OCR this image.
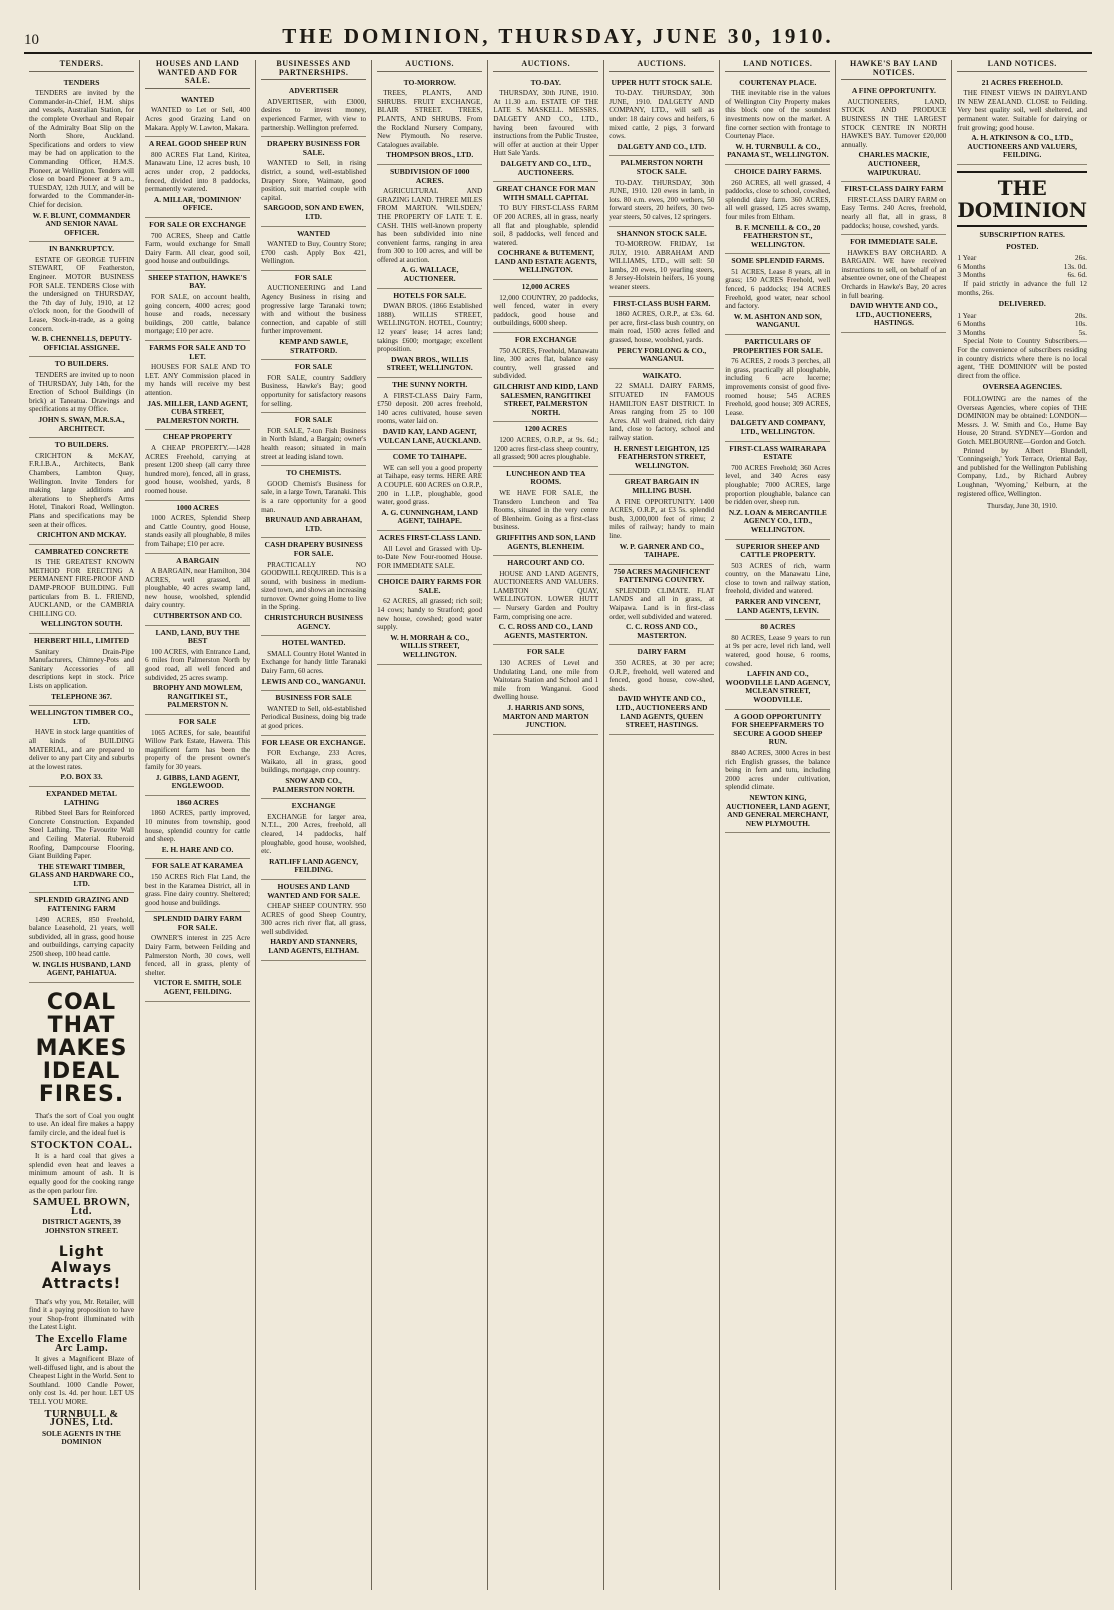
10	THE DOMINION, THURSDAY, JUNE 30, 1910.
TENDERS.
TENDERS
TENDERS are invited by the Commander-in-Chief, H.M. ships and vessels, Australian Station, for the complete Overhaul and Repair of the Admiralty Boat Slip on the North Shore, Auckland. Specifications and orders to view may be had on application to the Commanding Officer, H.M.S. Pioneer, at Wellington. Tenders will close on board Pioneer at 9 a.m., TUESDAY, 12th JULY, and will be forwarded to the Commander-in-Chief for decision.
W. F. BLUNT, COMMANDER AND SENIOR NAVAL OFFICER.
IN BANKRUPTCY.
ESTATE OF GEORGE TUFFIN STEWART, OF Featherston, Engineer. MOTOR BUSINESS FOR SALE. TENDERS Close with the undersigned on THURSDAY, the 7th day of July, 1910, at 12 o'clock noon, for the Goodwill of Lease, Stock-in-trade, as a going concern.
W. B. CHENNELLS, DEPUTY-OFFICIAL ASSIGNEE.
TO BUILDERS.
TENDERS are invited up to noon of THURSDAY, July 14th, for the Erection of School Buildings (in brick) at Taneatua. Drawings and specifications at my Office.
JOHN S. SWAN, M.R.S.A., ARCHITECT.
TO BUILDERS.
CRICHTON & McKAY, F.R.I.B.A., Architects, Bank Chambers, Lambton Quay, Wellington. Invite Tenders for making large additions and alterations to Shepherd's Arms Hotel, Tinakori Road, Wellington. Plans and specifications may be seen at their offices.
CRICHTON AND MCKAY.
CAMBRATED CONCRETE
IS THE GREATEST KNOWN METHOD FOR ERECTING A PERMANENT FIRE-PROOF AND DAMP-PROOF BUILDING. Full particulars from B. L. FRIEND, AUCKLAND, or the CAMBRIA CHILLING CO.
WELLINGTON SOUTH.
HERBERT HILL, LIMITED
Sanitary Drain-Pipe Manufacturers, Chimney-Pots and Sanitary Accessories of all descriptions kept in stock. Price Lists on application.
TELEPHONE 367.
WELLINGTON TIMBER CO., LTD.
HAVE in stock large quantities of all kinds of BUILDING MATERIAL, and are prepared to deliver to any part City and suburbs at the lowest rates.
P.O. BOX 33.
EXPANDED METAL LATHING
Ribbed Steel Bars for Reinforced Concrete Construction. Expanded Steel Lathing. The Favourite Wall and Ceiling Material. Ruberoid Roofing, Dampcourse Flooring, Giant Building Paper.
THE STEWART TIMBER, GLASS AND HARDWARE CO., LTD.
SPLENDID GRAZING AND FATTENING FARM
1490 ACRES, 850 Freehold, balance Leasehold, 21 years, well subdivided, all in grass, good house and outbuildings, carrying capacity 2500 sheep, 100 head cattle.
W. INGLIS HUSBAND, LAND AGENT, PAHIATUA.
COAL THAT MAKES IDEAL FIRES.
That's the sort of Coal you ought to use. An ideal fire makes a happy family circle, and the ideal fuel is
STOCKTON COAL.
It is a hard coal that gives a splendid even heat and leaves a minimum amount of ash. It is equally good for the cooking range as the open parlour fire.
SAMUEL BROWN, Ltd.
DISTRICT AGENTS, 39 JOHNSTON STREET.
Light Always Attracts!
That's why you, Mr. Retailer, will find it a paying proposition to have your Shop-front illuminated with the Latest Light.
The Excello Flame Arc Lamp.
It gives a Magnificent Blaze of well-diffused light, and is about the Cheapest Light in the World. Sent to Southland. 1000 Candle Power, only cost 1s. 4d. per hour. LET US TELL YOU MORE.
TURNBULL & JONES, Ltd.
SOLE AGENTS IN THE DOMINION
HOUSES AND LAND WANTED AND FOR SALE.
WANTED
WANTED to Let or Sell, 400 Acres good Grazing Land on Makara. Apply W. Lawton, Makara.
A REAL GOOD SHEEP RUN
800 ACRES Flat Land, Kiritea, Manawatu Line, 12 acres bush, 10 acres under crop, 2 paddocks, fenced, divided into 8 paddocks, permanently watered.
A. MILLAR, 'DOMINION' OFFICE.
FOR SALE OR EXCHANGE
700 ACRES, Sheep and Cattle Farm, would exchange for Small Dairy Farm. All clear, good soil, good house and outbuildings.
SHEEP STATION, HAWKE'S BAY.
FOR SALE, on account health, going concern, 4000 acres; good house and roads, necessary buildings, 200 cattle, balance mortgage; £10 per acre.
FARMS FOR SALE AND TO LET.
HOUSES FOR SALE AND TO LET. ANY Commission placed in my hands will receive my best attention.
JAS. MILLER, LAND AGENT, CUBA STREET, PALMERSTON NORTH.
CHEAP PROPERTY
A CHEAP PROPERTY.—1428 ACRES Freehold, carrying at present 1200 sheep (all carry three hundred more), fenced, all in grass, good house, woolshed, yards, 8 roomed house.
1000 ACRES
1000 ACRES, Splendid Sheep and Cattle Country, good House, stands easily all ploughable, 8 miles from Taihape; £10 per acre.
A BARGAIN
A BARGAIN, near Hamilton, 304 ACRES, well grassed, all ploughable, 40 acres swamp land, new house, woolshed, splendid dairy country.
CUTHBERTSON AND CO.
LAND, LAND, BUY THE BEST
100 ACRES, with Entrance Land, 6 miles from Palmerston North by good road, all well fenced and subdivided, 25 acres swamp.
BROPHY AND MOWLEM, RANGITIKEI ST., PALMERSTON N.
FOR SALE
1065 ACRES, for sale, beautiful Willow Park Estate, Hawera. This magnificent farm has been the property of the present owner's family for 30 years.
J. GIBBS, LAND AGENT, ENGLEWOOD.
1860 ACRES
1860 ACRES, partly improved, 10 minutes from township, good house, splendid country for cattle and sheep.
E. H. HARE AND CO.
FOR SALE AT KARAMEA
150 ACRES Rich Flat Land, the best in the Karamea District, all in grass. Fine dairy country. Sheltered; good house and buildings.
SPLENDID DAIRY FARM FOR SALE.
OWNER'S interest in 225 Acre Dairy Farm, between Feilding and Palmerston North, 30 cows, well fenced, all in grass, plenty of shelter.
VICTOR E. SMITH, SOLE AGENT, FEILDING.
BUSINESSES AND PARTNERSHIPS.
ADVERTISER
ADVERTISER, with £3000, desires to invest money, experienced Farmer, with view to partnership. Wellington preferred.
DRAPERY BUSINESS FOR SALE.
WANTED to Sell, in rising district, a sound, well-established Drapery Store, Waimate, good position, suit married couple with capital.
SARGOOD, SON AND EWEN, LTD.
WANTED
WANTED to Buy, Country Store; £700 cash. Apply Box 421, Wellington.
FOR SALE
AUCTIONEERING and Land Agency Business in rising and progressive large Taranaki town; with and without the business connection, and capable of still further improvement.
KEMP AND SAWLE, STRATFORD.
FOR SALE
FOR SALE, country Saddlery Business, Hawke's Bay; good opportunity for satisfactory reasons for selling.
FOR SALE
FOR SALE, 7-ton Fish Business in North Island, a Bargain; owner's health reason; situated in main street at leading island town.
TO CHEMISTS.
GOOD Chemist's Business for sale, in a large Town, Taranaki. This is a rare opportunity for a good man.
BRUNAUD AND ABRAHAM, LTD.
CASH DRAPERY BUSINESS FOR SALE.
PRACTICALLY NO GOODWILL REQUIRED. This is a sound, with business in medium-sized town, and shows an increasing turnover. Owner going Home to live in the Spring.
CHRISTCHURCH BUSINESS AGENCY.
HOTEL WANTED.
SMALL Country Hotel Wanted in Exchange for handy little Taranaki Dairy Farm, 60 acres.
LEWIS AND CO., WANGANUI.
BUSINESS FOR SALE
WANTED to Sell, old-established Periodical Business, doing big trade at good prices.
FOR LEASE OR EXCHANGE.
FOR Exchange, 233 Acres, Waikato, all in grass, good buildings, mortgage, crop country.
SNOW AND CO., PALMERSTON NORTH.
EXCHANGE
EXCHANGE for larger area, N.T.L., 200 Acres, freehold, all cleared, 14 paddocks, half ploughable, good house, woolshed, etc.
RATLIFF LAND AGENCY, FEILDING.
HOUSES AND LAND WANTED AND FOR SALE.
CHEAP SHEEP COUNTRY. 950 ACRES of good Sheep Country, 300 acres rich river flat, all grass, well subdivided.
HARDY AND STANNERS, LAND AGENTS, ELTHAM.
AUCTIONS.
TO-MORROW.
TREES, PLANTS, AND SHRUBS. FRUIT EXCHANGE, BLAIR STREET. TREES, PLANTS, AND SHRUBS. From the Rockland Nursery Company, New Plymouth. No reserve. Catalogues available.
THOMPSON BROS., LTD.
SUBDIVISION OF 1000 ACRES.
AGRICULTURAL AND GRAZING LAND. THREE MILES FROM MARTON. 'WILSDEN,' THE PROPERTY OF LATE T. E. CASH. THIS well-known property has been subdivided into nine convenient farms, ranging in area from 300 to 100 acres, and will be offered at auction.
A. G. WALLACE, AUCTIONEER.
HOTELS FOR SALE.
DWAN BROS. (1866 Established 1888). WILLIS STREET, WELLINGTON. HOTEL, Country; 12 years' lease; 14 acres land; takings £600; mortgage; excellent proposition.
DWAN BROS., WILLIS STREET, WELLINGTON.
THE SUNNY NORTH.
A FIRST-CLASS Dairy Farm, £750 deposit. 200 acres freehold, 140 acres cultivated, house seven rooms, water laid on.
DAVID KAY, LAND AGENT, VULCAN LANE, AUCKLAND.
COME TO TAIHAPE.
WE can sell you a good property at Taihape, easy terms. HERE ARE A COUPLE. 600 ACRES on O.R.P., 200 in L.I.P., ploughable, good water, good grass.
A. G. CUNNINGHAM, LAND AGENT, TAIHAPE.
ACRES FIRST-CLASS LAND.
All Level and Grassed with Up-to-Date New Four-roomed House. FOR IMMEDIATE SALE.
CHOICE DAIRY FARMS FOR SALE.
62 ACRES, all grassed; rich soil; 14 cows; handy to Stratford; good new house, cowshed; good water supply.
W. H. MORRAH & CO., WILLIS STREET, WELLINGTON.
AUCTIONS.
TO-DAY.
THURSDAY, 30th JUNE, 1910. At 11.30 a.m. ESTATE OF THE LATE S. MASKELL. MESSRS. DALGETY AND CO., LTD., having been favoured with instructions from the Public Trustee, will offer at auction at their Upper Hutt Sale Yards.
DALGETY AND CO., LTD., AUCTIONEERS.
GREAT CHANCE FOR MAN WITH SMALL CAPITAL
TO BUY FIRST-CLASS FARM OF 200 ACRES, all in grass, nearly all flat and ploughable, splendid soil, 8 paddocks, well fenced and watered.
COCHRANE & BUTEMENT, LAND AND ESTATE AGENTS, WELLINGTON.
12,000 ACRES
12,000 COUNTRY, 20 paddocks, well fenced, water in every paddock, good house and outbuildings, 6000 sheep.
FOR EXCHANGE
750 ACRES, Freehold, Manawatu line, 300 acres flat, balance easy country, well grassed and subdivided.
GILCHRIST AND KIDD, LAND SALESMEN, RANGITIKEI STREET, PALMERSTON NORTH.
1200 ACRES
1200 ACRES, O.R.P., at 9s. 6d.; 1200 acres first-class sheep country, all grassed; 900 acres ploughable.
LUNCHEON AND TEA ROOMS.
WE HAVE FOR SALE, the Transdero Luncheon and Tea Rooms, situated in the very centre of Blenheim. Going as a first-class business.
GRIFFITHS AND SON, LAND AGENTS, BLENHEIM.
HARCOURT AND CO.
HOUSE AND LAND AGENTS, AUCTIONEERS AND VALUERS. LAMBTON QUAY, WELLINGTON. LOWER HUTT — Nursery Garden and Poultry Farm, comprising one acre.
C. C. ROSS AND CO., LAND AGENTS, MASTERTON.
FOR SALE
130 ACRES of Level and Undulating Land, one mile from Waitotara Station and School and 1 mile from Wanganui. Good dwelling house.
J. HARRIS AND SONS, MARTON AND MARTON JUNCTION.
AUCTIONS.
UPPER HUTT STOCK SALE.
TO-DAY. THURSDAY, 30th JUNE, 1910. DALGETY AND COMPANY, LTD., will sell as under: 18 dairy cows and heifers, 6 mixed cattle, 2 pigs, 3 forward cows.
DALGETY AND CO., LTD.
PALMERSTON NORTH STOCK SALE.
TO-DAY. THURSDAY, 30th JUNE, 1910. 120 ewes in lamb, in lots. 80 e.m. ewes, 200 wethers, 50 forward steers, 20 heifers, 30 two-year steers, 50 calves, 12 springers.
SHANNON STOCK SALE.
TO-MORROW. FRIDAY, 1st JULY, 1910. ABRAHAM AND WILLIAMS, LTD., will sell: 50 lambs, 20 ewes, 10 yearling steers, 8 Jersey-Holstein heifers, 16 young weaner steers.
FIRST-CLASS BUSH FARM.
1860 ACRES, O.R.P., at £3s. 6d. per acre, first-class bush country, on main road, 1500 acres felled and grassed, house, woolshed, yards.
PERCY FORLONG & CO., WANGANUI.
WAIKATO.
22 SMALL DAIRY FARMS, SITUATED IN FAMOUS HAMILTON EAST DISTRICT. In Areas ranging from 25 to 100 Acres. All well drained, rich dairy land, close to factory, school and railway station.
H. ERNEST LEIGHTON, 125 FEATHERSTON STREET, WELLINGTON.
GREAT BARGAIN IN MILLING BUSH.
A FINE OPPORTUNITY. 1400 ACRES, O.R.P., at £3 5s. splendid bush, 3,000,000 feet of rimu; 2 miles of railway; handy to main line.
W. P. GARNER AND CO., TAIHAPE.
750 ACRES MAGNIFICENT FATTENING COUNTRY.
SPLENDID CLIMATE. FLAT LANDS and all in grass, at Waipawa. Land is in first-class order, well subdivided and watered.
C. C. ROSS AND CO., MASTERTON.
DAIRY FARM
350 ACRES, at 30 per acre; O.R.P., freehold, well watered and fenced, good house, cow-shed, sheds.
DAVID WHYTE AND CO., LTD., AUCTIONEERS AND LAND AGENTS, QUEEN STREET, HASTINGS.
LAND NOTICES.
COURTENAY PLACE.
THE inevitable rise in the values of Wellington City Property makes this block one of the soundest investments now on the market. A fine corner section with frontage to Courtenay Place.
W. H. TURNBULL & CO., PANAMA ST., WELLINGTON.
CHOICE DAIRY FARMS.
260 ACRES, all well grassed, 4 paddocks, close to school, cowshed, splendid dairy farm. 360 ACRES, all well grassed, 125 acres swamp, four miles from Eltham.
B. F. MCNEILL & CO., 20 FEATHERSTON ST., WELLINGTON.
SOME SPLENDID FARMS.
51 ACRES, Lease 8 years, all in grass; 150 ACRES Freehold, well fenced, 6 paddocks; 194 ACRES Freehold, good water, near school and factory.
W. M. ASHTON AND SON, WANGANUI.
PARTICULARS OF PROPERTIES FOR SALE.
76 ACRES, 2 roods 3 perches, all in grass, practically all ploughable, including 6 acre lucerne; improvements consist of good five-roomed house; 545 ACRES Freehold, good house; 309 ACRES, Lease.
DALGETY AND COMPANY, LTD., WELLINGTON.
FIRST-CLASS WAIRARAPA ESTATE
700 ACRES Freehold; 360 Acres level, and 340 Acres easy ploughable; 7000 ACRES, large proportion ploughable, balance can be ridden over, sheep run.
N.Z. LOAN & MERCANTILE AGENCY CO., LTD., WELLINGTON.
SUPERIOR SHEEP AND CATTLE PROPERTY.
503 ACRES of rich, warm country, on the Manawatu Line, close to town and railway station, freehold, divided and watered.
PARKER AND VINCENT, LAND AGENTS, LEVIN.
80 ACRES
80 ACRES, Lease 9 years to run at 9s per acre, level rich land, well watered, good house, 6 rooms, cowshed.
LAFFIN AND CO., WOODVILLE LAND AGENCY, MCLEAN STREET, WOODVILLE.
A GOOD OPPORTUNITY FOR SHEEPFARMERS TO SECURE A GOOD SHEEP RUN.
8840 ACRES, 3000 Acres in best rich English grasses, the balance being in fern and tutu, including 2000 acres under cultivation, splendid climate.
NEWTON KING, AUCTIONEER, LAND AGENT, AND GENERAL MERCHANT, NEW PLYMOUTH.
HAWKE'S BAY LAND NOTICES.
A FINE OPPORTUNITY.
AUCTIONEERS, LAND, STOCK AND PRODUCE BUSINESS IN THE LARGEST STOCK CENTRE IN NORTH HAWKE'S BAY. Turnover £20,000 annually.
CHARLES MACKIE, AUCTIONEER, WAIPUKURAU.
FIRST-CLASS DAIRY FARM
FIRST-CLASS DAIRY FARM on Easy Terms. 240 Acres, freehold, nearly all flat, all in grass, 8 paddocks; house, cowshed, yards.
FOR IMMEDIATE SALE.
HAWKE'S BAY ORCHARD. A BARGAIN. WE have received instructions to sell, on behalf of an absentee owner, one of the Cheapest Orchards in Hawke's Bay, 20 acres in full bearing.
DAVID WHYTE AND CO., LTD., AUCTIONEERS, HASTINGS.
LAND NOTICES.
21 ACRES FREEHOLD.
THE FINEST VIEWS IN DAIRYLAND IN NEW ZEALAND. CLOSE to Feilding. Very best quality soil, well sheltered, and permanent water. Suitable for dairying or fruit growing; good house.
A. H. ATKINSON & CO., LTD., AUCTIONEERS AND VALUERS, FEILDING.
THE DOMINION
SUBSCRIPTION RATES.
POSTED.
1 Year	26s.
6 Months	13s. 0d.
3 Months	6s. 6d.
If paid strictly in advance the full 12 months, 26s.
DELIVERED.
1 Year	20s.
6 Months	10s.
3 Months	5s.
Special Note to Country Subscribers.—For the convenience of subscribers residing in country districts where there is no local agent, 'THE DOMINION' will be posted direct from the office.
OVERSEA AGENCIES.
FOLLOWING are the names of the Overseas Agencies, where copies of THE DOMINION may be obtained: LONDON—Messrs. J. W. Smith and Co., Hume Bay House, 20 Strand. SYDNEY—Gordon and Gotch. MELBOURNE—Gordon and Gotch.
Printed by Albert Blundell, 'Conningseigh,' York Terrace, Oriental Bay, and published for the Wellington Publishing Company, Ltd., by Richard Aubrey Loughnan, 'Wyoming,' Kelburn, at the registered office, Wellington.
Thursday, June 30, 1910.
